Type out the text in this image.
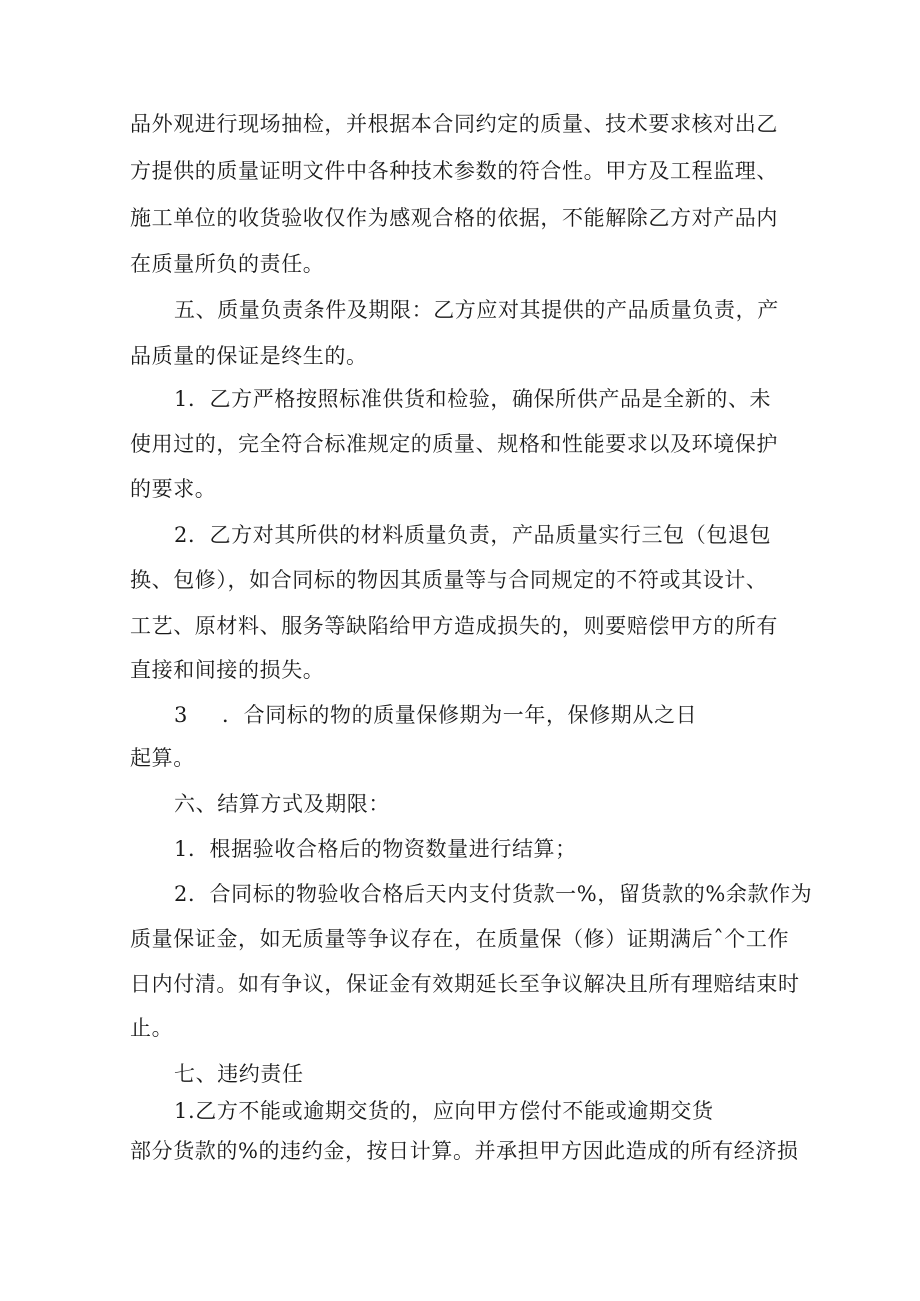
品外观进行现场抽检，并根据本合同约定的质量、技术要求核对出乙
方提供的质量证明文件中各种技术参数的符合性。甲方及工程监理、
施工单位的收货验收仅作为感观合格的依据，不能解除乙方对产品内
在质量所负的责任。
五、质量负责条件及期限：乙方应对其提供的产品质量负责，产
品质量的保证是终生的。
1．乙方严格按照标准供货和检验，确保所供产品是全新的、未
使用过的，完全符合标准规定的质量、规格和性能要求以及环境保护
的要求。
2．乙方对其所供的材料质量负责，产品质量实行三包（包退包
换、包修），如合同标的物因其质量等与合同规定的不符或其设计、
工艺、原材料、服务等缺陷给甲方造成损失的，则要赔偿甲方的所有
直接和间接的损失。
3 ．合同标的物的质量保修期为一年，保修期从之日
起算。
六、结算方式及期限：
1．根据验收合格后的物资数量进行结算；
2．合同标的物验收合格后天内支付货款一%，留货款的%余款作为
质量保证金，如无质量等争议存在，在质量保（修）证期满后ˆ个工作
日内付清。如有争议，保证金有效期延长至争议解决且所有理赔结束时
止。
七、违约责任
1.乙方不能或逾期交货的，应向甲方偿付不能或逾期交货
部分货款的%的违约金，按日计算。并承担甲方因此造成的所有经济损
